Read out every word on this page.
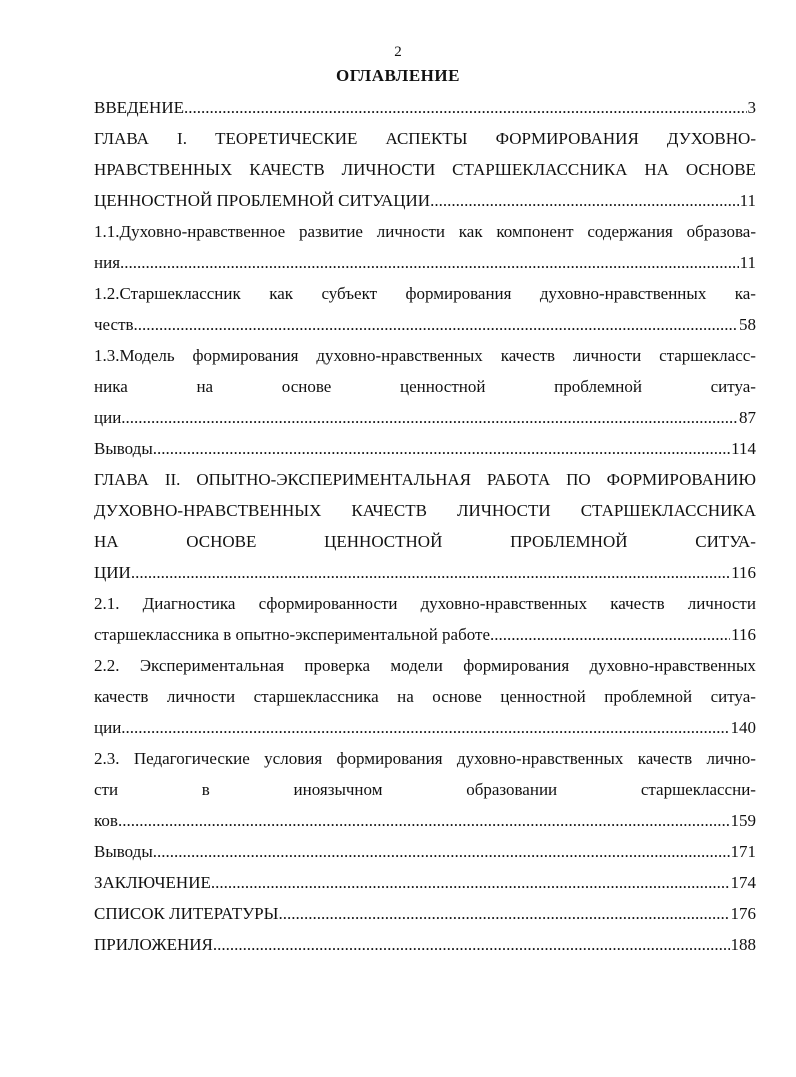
2
ОГЛАВЛЕНИЕ
ВВЕДЕНИЕ .....	3
ГЛАВА I. ТЕОРЕТИЧЕСКИЕ АСПЕКТЫ ФОРМИРОВАНИЯ ДУХОВНО-
НРАВСТВЕННЫХ КАЧЕСТВ ЛИЧНОСТИ СТАРШЕКЛАССНИКА НА ОСНОВЕ
ЦЕННОСТНОЙ ПРОБЛЕМНОЙ СИТУАЦИИ .....	11
1.1.Духовно-нравственное развитие личности как компонент содержания образова-
ния .....	11
1.2.Старшеклассник как субъект формирования духовно-нравственных ка-
честв .....	58
1.3.Модель формирования духовно-нравственных качеств личности старшекласс-
ника	на	основе	ценностной	проблемной	ситуа-
ции .....	87
Выводы .....	114
ГЛАВА II. ОПЫТНО-ЭКСПЕРИМЕНТАЛЬНАЯ РАБОТА ПО ФОРМИРОВАНИЮ
ДУХОВНО-НРАВСТВЕННЫХ КАЧЕСТВ ЛИЧНОСТИ СТАРШЕКЛАССНИКА
НА	ОСНОВЕ	ЦЕННОСТНОЙ	ПРОБЛЕМНОЙ	СИТУА-
ЦИИ .....	116
2.1. Диагностика сформированности духовно-нравственных качеств личности
старшеклассника в опытно-экспериментальной работе .....	116
2.2. Экспериментальная проверка модели формирования духовно-нравственных
качеств личности старшеклассника на основе ценностной проблемной ситуа-
ции .....	140
2.3. Педагогические условия формирования духовно-нравственных качеств лично-
сти	в	иноязычном	образовании	старшеклассни-
ков .....	159
Выводы .....	171
ЗАКЛЮЧЕНИЕ .....	174
СПИСОК ЛИТЕРАТУРЫ .....	176
ПРИЛОЖЕНИЯ .....	188
